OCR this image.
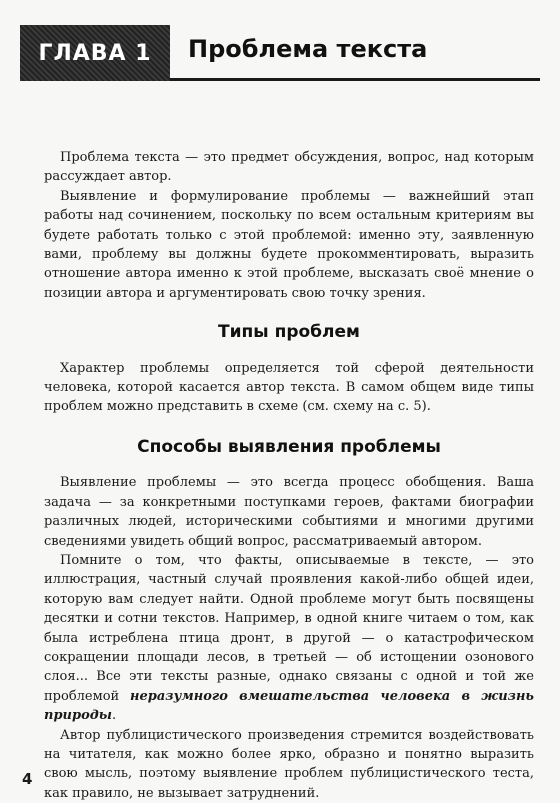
ГЛАВА 1	Проблема текста

Проблема текста — это предмет обсуждения, вопрос, над которым рассуждает автор.

Выявление и формулирование проблемы — важнейший этап работы над сочинением, поскольку по всем остальным критериям вы будете работать только с этой проблемой: именно эту, заявленную вами, проблему вы должны будете прокомментировать, выразить отношение автора именно к этой проблеме, высказать своё мнение о позиции автора и аргументировать свою точку зрения.

Типы проблем

Характер проблемы определяется той сферой деятельности человека, которой касается автор текста. В самом общем виде типы проблем можно представить в схеме (см. схему на с. 5).

Способы выявления проблемы

Выявление проблемы — это всегда процесс обобщения. Ваша задача — за конкретными поступками героев, фактами биографии различных людей, историческими событиями и многими другими сведениями увидеть общий вопрос, рассматриваемый автором.

Помните о том, что факты, описываемые в тексте, — это иллюстрация, частный случай проявления какой-либо общей идеи, которую вам следует найти. Одной проблеме могут быть посвящены десятки и сотни текстов. Например, в одной книге читаем о том, как была истреблена птица дронт, в другой — о катастрофическом сокращении площади лесов, в третьей — об истощении озонового слоя... Все эти тексты разные, однако связаны с одной и той же проблемой неразумного вмешательства человека в жизнь природы.

Автор публицистического произведения стремится воздействовать на читателя, как можно более ярко, образно и понятно выразить свою мысль, поэтому выявление проблем публицистического теста, как правило, не вызывает затруднений.

4
